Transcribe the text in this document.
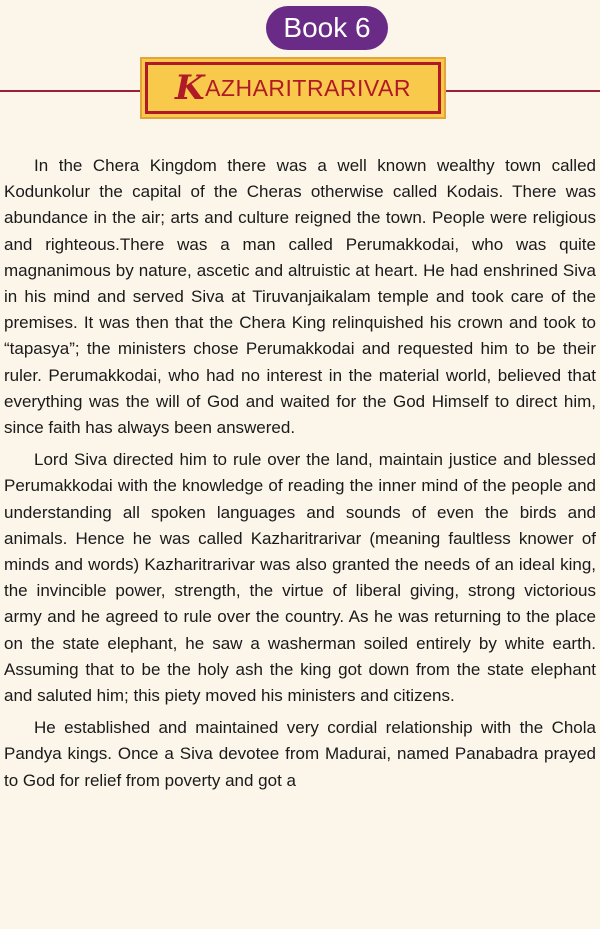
Book 6
KAZHARITRARIVAR

In the Chera Kingdom there was a well known wealthy town called Kodunkolur the capital of the Cheras otherwise called Kodais. There was abundance in the air; arts and culture reigned the town. People were religious and righteous.There was a man called Perumakkodai, who was quite magnanimous by nature, ascetic and altruistic at heart. He had enshrined Siva in his mind and served Siva at Tiruvanjaikalam temple and took care of the premises. It was then that the Chera King relinquished his crown and took to “tapasya”; the ministers chose Perumakkodai and requested him to be their ruler. Perumakkodai, who had no interest in the material world, believed that everything was the will of God and waited for the God Himself to direct him, since faith has always been answered.

Lord Siva directed him to rule over the land, maintain justice and blessed Perumakkodai with the knowledge of reading the inner mind of the people and understanding all spoken languages and sounds of even the birds and animals. Hence he was called Kazharitrarivar (meaning faultless knower of minds and words) Kazharitrarivar was also granted the needs of an ideal king, the invincible power, strength, the virtue of liberal giving, strong victorious army and he agreed to rule over the country. As he was returning to the place on the state elephant, he saw a washerman soiled entirely by white earth. Assuming that to be the holy ash the king got down from the state elephant and saluted him; this piety moved his ministers and citizens.

He established and maintained very cordial relationship with the Chola Pandya kings. Once a Siva devotee from Madurai, named Panabadra prayed to God for relief from poverty and got a
